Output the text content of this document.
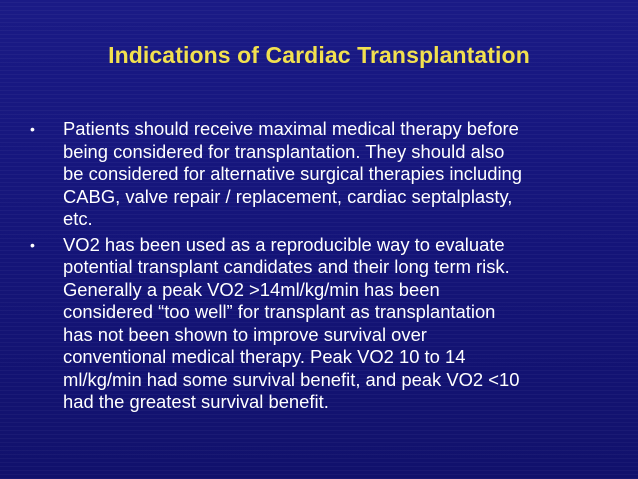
Indications of Cardiac Transplantation
• Patients should receive maximal medical therapy before
being considered for transplantation. They should also
be considered for alternative surgical therapies including
CABG, valve repair / replacement, cardiac septalplasty,
etc.
• VO2 has been used as a reproducible way to evaluate
potential transplant candidates and their long term risk.
Generally a peak VO2 >14ml/kg/min has been
considered “too well” for transplant as transplantation
has not been shown to improve survival over
conventional medical therapy. Peak VO2 10 to 14
ml/kg/min had some survival benefit, and peak VO2 <10
had the greatest survival benefit.
